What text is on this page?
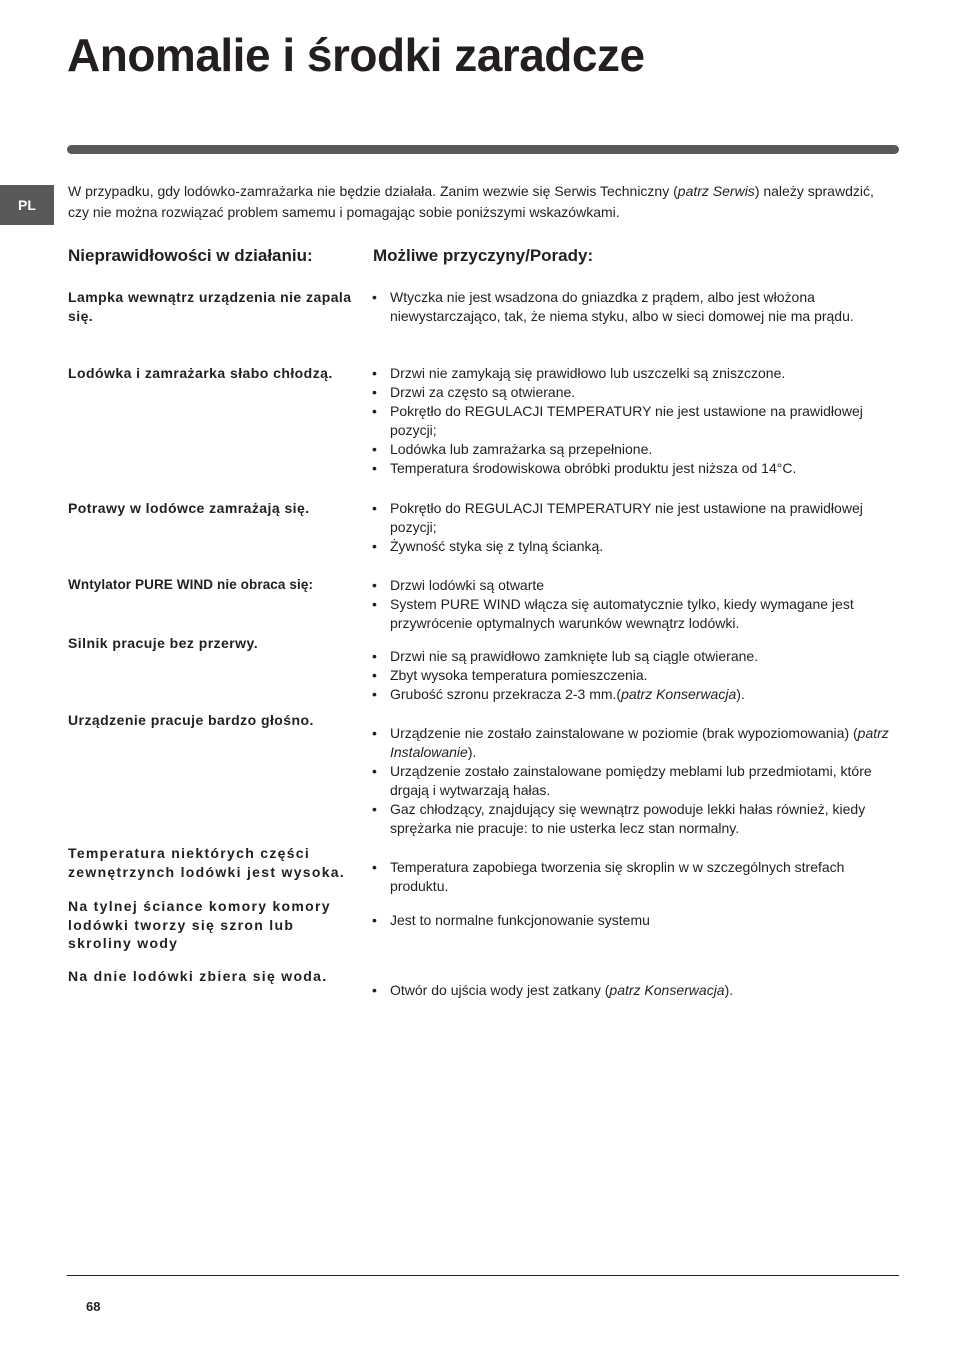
Anomalie i środki zaradcze
PL

W przypadku, gdy lodówko-zamrażarka nie będzie działała. Zanim wezwie się Serwis Techniczny (patrz Serwis) należy sprawdzić, czy nie można rozwiązać problem samemu i pomagając sobie poniższymi wskazówkami.

Nieprawidłowości w działaniu:	Możliwe przyczyny/Porady:

Lampka wewnątrz urządzenia nie zapala się.

Lodówka i zamrażarka słabo chłodzą.

Potrawy w lodówce zamrażają się.

Wntylator PURE WIND nie obraca się:

Silnik pracuje bez przerwy.

Urządzenie pracuje bardzo głośno.

Temperatura niektórych części zewnętrzynch lodówki jest wysoka.

Na tylnej ściance komory komory lodówki tworzy się szron lub skroliny wody

Na dnie lodówki zbiera się woda.

• Wtyczka nie jest wsadzona do gniazdka z prądem, albo jest włożona niewystarczająco, tak, że niema styku, albo w sieci domowej nie ma prądu.
• Drzwi nie zamykają się prawidłowo lub uszczelki są zniszczone.
• Drzwi za często są otwierane.
• Pokrętło do REGULACJI TEMPERATURY nie jest ustawione na prawidłowej pozycji;
• Lodówka lub zamrażarka są przepełnione.
• Temperatura środowiskowa obróbki produktu jest niższa od 14°C.
• Pokrętło do REGULACJI TEMPERATURY nie jest ustawione na prawidłowej pozycji;
• Żywność styka się z tylną ścianką.
• Drzwi lodówki są otwarte
• System PURE WIND włącza się automatycznie tylko, kiedy wymagane jest przywrócenie optymalnych warunków wewnątrz lodówki.
• Drzwi nie są prawidłowo zamknięte lub są ciągle otwierane.
• Zbyt wysoka temperatura pomieszczenia.
• Grubość szronu przekracza 2-3 mm.(patrz Konserwacja).
• Urządzenie nie zostało zainstalowane w poziomie (brak wypoziomowania) (patrz Instalowanie).
• Urządzenie zostało zainstalowane pomiędzy meblami lub przedmiotami, które drgają i wytwarzają hałas.
• Gaz chłodzący, znajdujący się wewnątrz powoduje lekki hałas również, kiedy sprężarka nie pracuje: to nie usterka lecz stan normalny.
• Temperatura zapobiega tworzenia się skroplin w w szczególnych strefach produktu.
• Jest to normalne funkcjonowanie systemu
• Otwór do ujścia wody jest zatkany (patrz Konserwacja).
68
